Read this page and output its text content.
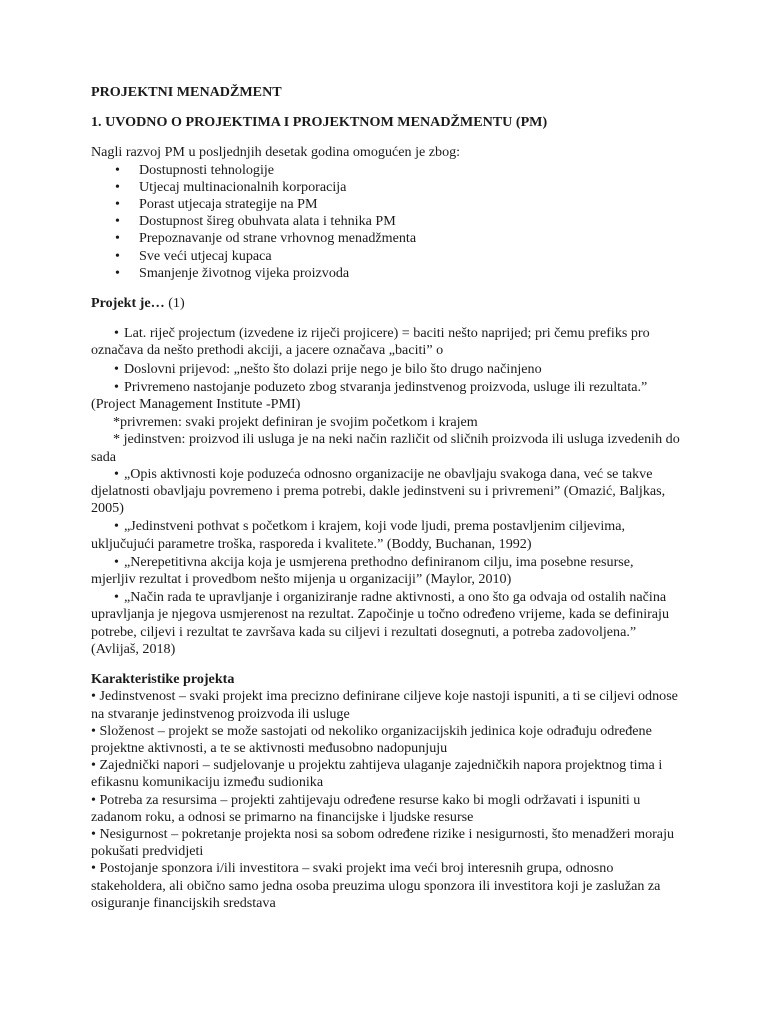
PROJEKTNI MENADŽMENT

1. UVODNO O PROJEKTIMA I PROJEKTNOM MENADŽMENTU (PM)

Nagli razvoj PM u posljednjih desetak godina omogućen je zbog:

• Dostupnosti tehnologije
• Utjecaj multinacionalnih korporacija
• Porast utjecaja strategije na PM
• Dostupnost šireg obuhvata alata i tehnika PM
• Prepoznavanje od strane vrhovnog menadžmenta
• Sve veći utjecaj kupaca
• Smanjenje životnog vijeka proizvoda

Projekt je… (1)

• Lat. riječ projectum (izvedene iz riječi projicere) = baciti nešto naprijed; pri čemu prefiks pro označava da nešto prethodi akciji, a jacere označava „baciti” o
• Doslovni prijevod: „nešto što dolazi prije nego je bilo što drugo načinjeno
• Privremeno nastojanje poduzeto zbog stvaranja jedinstvenog proizvoda, usluge ili rezultata.” (Project Management Institute -PMI)
*privremen: svaki projekt definiran je svojim početkom i krajem
* jedinstven: proizvod ili usluga je na neki način različit od sličnih proizvoda ili usluga izvedenih do sada
• „Opis aktivnosti koje poduzeća odnosno organizacije ne obavljaju svakoga dana, već se takve djelatnosti obavljaju povremeno i prema potrebi, dakle jedinstveni su i privremeni” (Omazić, Baljkas, 2005)
• „Jedinstveni pothvat s početkom i krajem, koji vode ljudi, prema postavljenim ciljevima, uključujući parametre troška, rasporeda i kvalitete.” (Boddy, Buchanan, 1992)
• „Nerepetitivna akcija koja je usmjerena prethodno definiranom cilju, ima posebne resurse, mjerljiv rezultat i provedbom nešto mijenja u organizaciji” (Maylor, 2010)
• „Način rada te upravljanje i organiziranje radne aktivnosti, a ono što ga odvaja od ostalih načina upravljanja je njegova usmjerenost na rezultat. Započinje u točno određeno vrijeme, kada se definiraju potrebe, ciljevi i rezultat te završava kada su ciljevi i rezultati dosegnuti, a potreba zadovoljena.” (Avlijaš, 2018)

Karakteristike projekta

• Jedinstvenost – svaki projekt ima precizno definirane ciljeve koje nastoji ispuniti, a ti se ciljevi odnose na stvaranje jedinstvenog proizvoda ili usluge

• Složenost – projekt se može sastojati od nekoliko organizacijskih jedinica koje odrađuju određene projektne aktivnosti, a te se aktivnosti međusobno nadopunjuju

• Zajednički napori – sudjelovanje u projektu zahtijeva ulaganje zajedničkih napora projektnog tima i efikasnu komunikaciju između sudionika

• Potreba za resursima – projekti zahtijevaju određene resurse kako bi mogli održavati i ispuniti u zadanom roku, a odnosi se primarno na financijske i ljudske resurse

• Nesigurnost – pokretanje projekta nosi sa sobom određene rizike i nesigurnosti, što menadžeri moraju pokušati predvidjeti

• Postojanje sponzora i/ili investitora – svaki projekt ima veći broj interesnih grupa, odnosno stakeholdera, ali obično samo jedna osoba preuzima ulogu sponzora ili investitora koji je zaslužan za osiguranje financijskih sredstava
